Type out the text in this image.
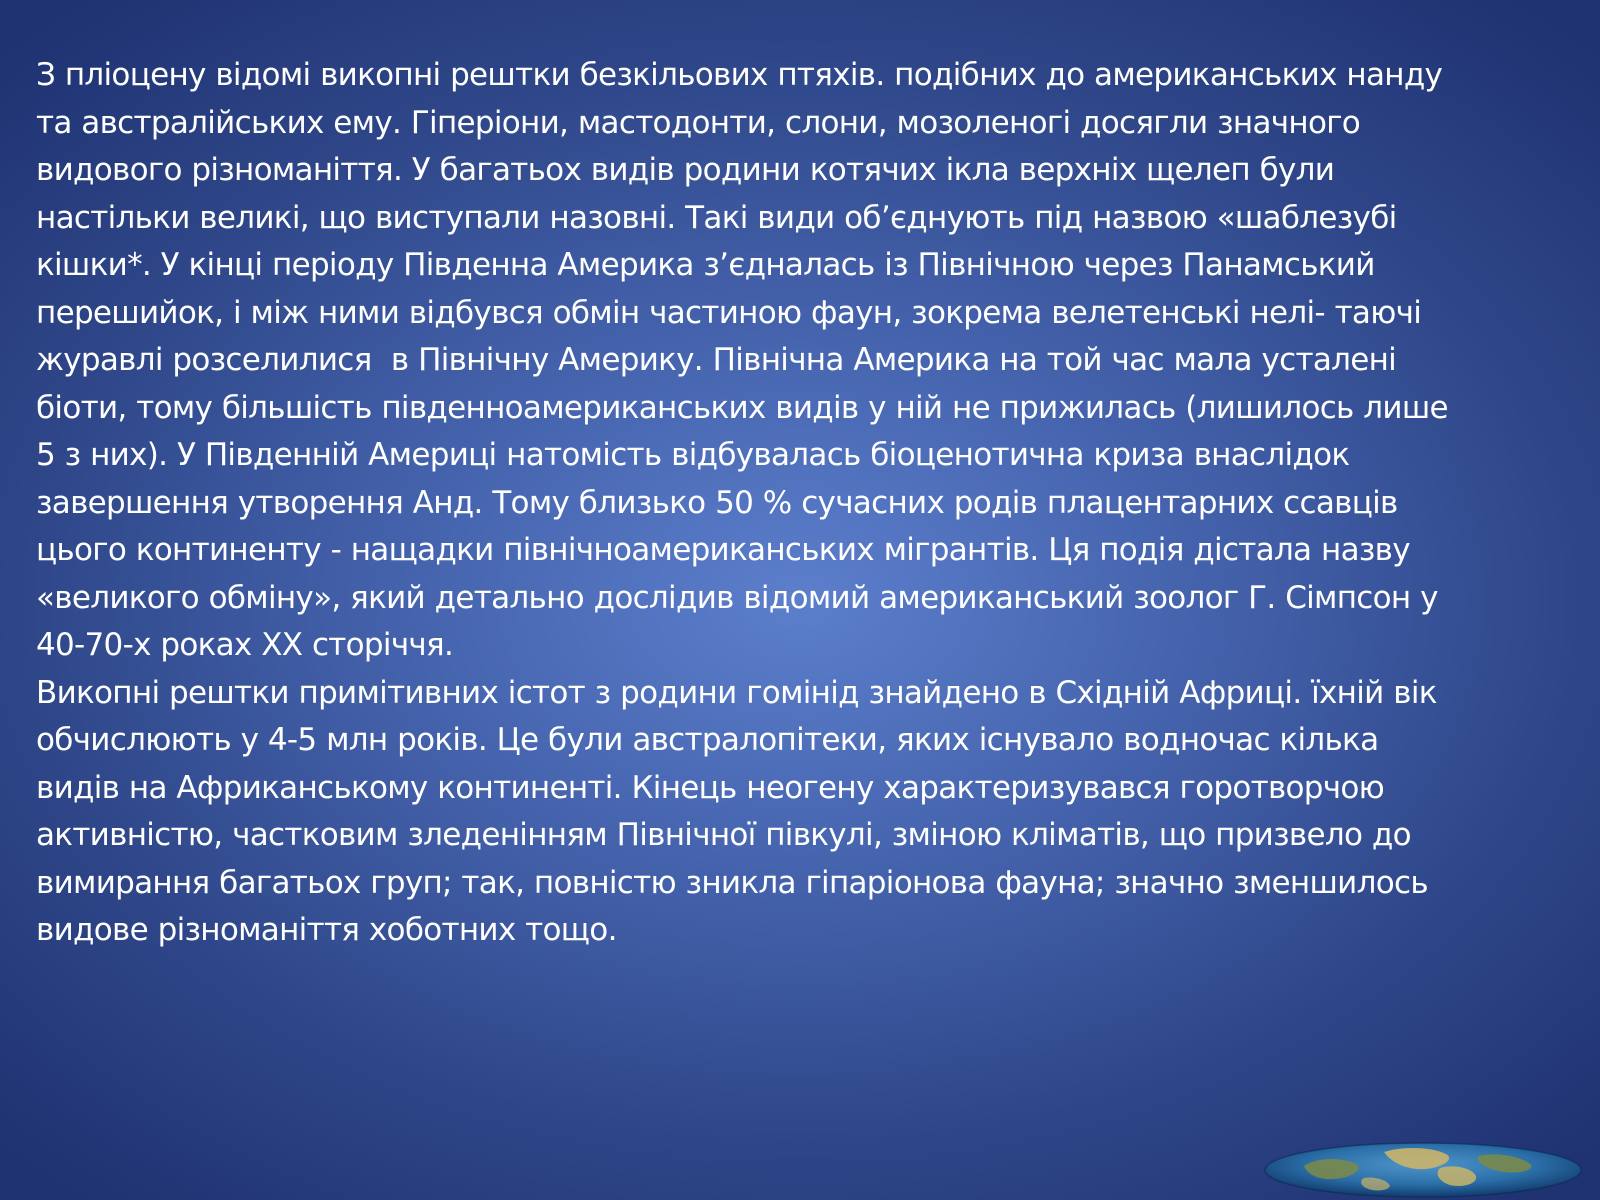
З пліоцену відомі викопні рештки безкільових птяхів. подібних до американських нанду
та австралійських ему. Гіперіони, мастодонти, слони, мозоленогі досягли значного
видового різноманіття. У багатьох видів родини котячих ікла верхніх щелеп були
настільки великі, що виступали назовні. Такі види об’єднують під назвою «шаблезубі
кішки*. У кінці періоду Південна Америка з’єдналась із Північною через Панамський
перешийок, і між ними відбувся обмін частиною фаун, зокрема велетенські нелі- таючі
журавлі розселилися  в Північну Америку. Північна Америка на той час мала усталені
біоти, тому більшість південноамериканських видів у ній не прижилась (лишилось лише
5 з них). У Південній Америці натомість відбувалась біоценотична криза внаслідок
завершення утворення Анд. Тому близько 50 % сучасних родів плацентарних ссавців
цього континенту - нащадки північноамериканських мігрантів. Ця подія дістала назву
«великого обміну», який детально дослідив відомий американський зоолог Г. Сімпсон у
40-70-х роках XX сторіччя.

Викопні рештки примітивних істот з родини гомінід знайдено в Східній Африці. їхній вік
обчислюють у 4-5 млн років. Це були австралопітеки, яких існувало водночас кілька
видів на Африканському континенті. Кінець неогену характеризувався горотворчою
активністю, частковим зледенінням Північної півкулі, зміною кліматів, що призвело до
вимирання багатьох груп; так, повністю зникла гіпаріонова фауна; значно зменшилось
видове різноманіття хоботних тощо.
